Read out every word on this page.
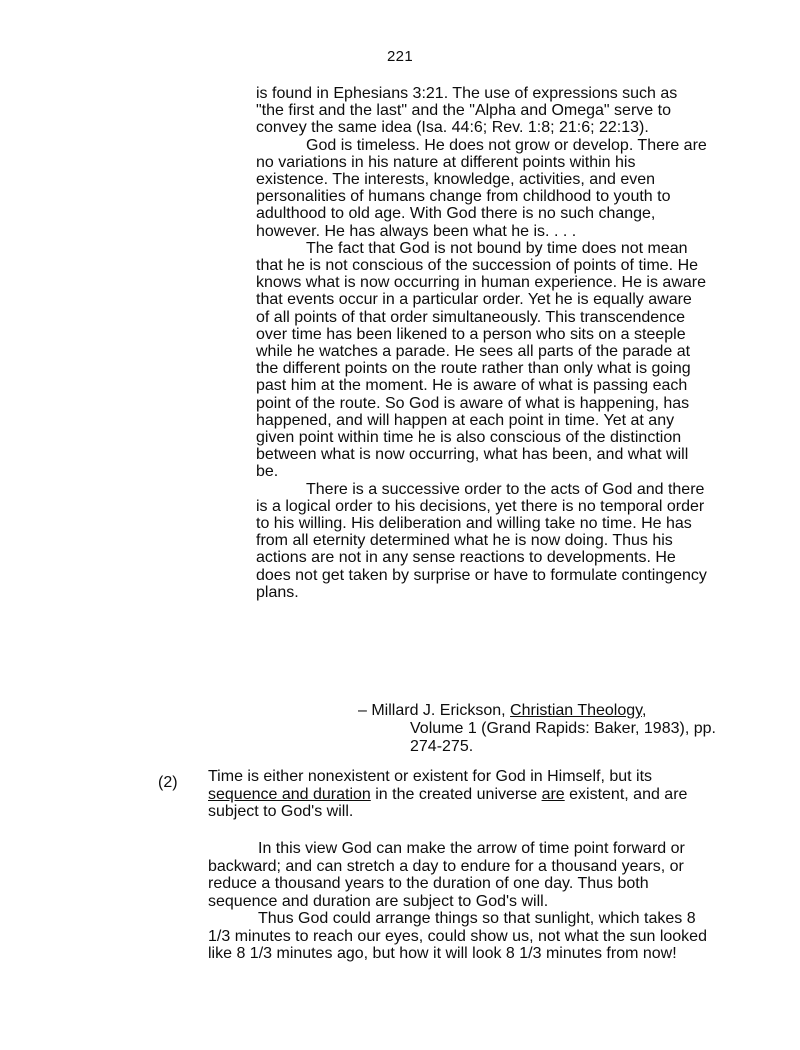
221

is found in Ephesians 3:21. The use of expressions such as "the first and the last" and the "Alpha and Omega" serve to convey the same idea (Isa. 44:6; Rev. 1:8; 21:6; 22:13).

God is timeless. He does not grow or develop. There are no variations in his nature at different points within his existence. The interests, knowledge, activities, and even personalities of humans change from childhood to youth to adulthood to old age. With God there is no such change, however. He has always been what he is. . . .

The fact that God is not bound by time does not mean that he is not conscious of the succession of points of time. He knows what is now occurring in human experience. He is aware that events occur in a particular order. Yet he is equally aware of all points of that order simultaneously. This transcendence over time has been likened to a person who sits on a steeple while he watches a parade. He sees all parts of the parade at the different points on the route rather than only what is going past him at the moment. He is aware of what is passing each point of the route. So God is aware of what is happening, has happened, and will happen at each point in time. Yet at any given point within time he is also conscious of the distinction between what is now occurring, what has been, and what will be.

There is a successive order to the acts of God and there is a logical order to his decisions, yet there is no temporal order to his willing. His deliberation and willing take no time. He has from all eternity determined what he is now doing. Thus his actions are not in any sense reactions to developments. He does not get taken by surprise or have to formulate contingency plans.

– Millard J. Erickson, Christian Theology,
Volume 1 (Grand Rapids: Baker, 1983), pp. 274-275.
(2) Time is either nonexistent or existent for God in Himself, but its sequence and duration in the created universe are existent, and are subject to God's will.

In this view God can make the arrow of time point forward or backward; and can stretch a day to endure for a thousand years, or reduce a thousand years to the duration of one day. Thus both sequence and duration are subject to God's will.

Thus God could arrange things so that sunlight, which takes 8 1/3 minutes to reach our eyes, could show us, not what the sun looked like 8 1/3 minutes ago, but how it will look 8 1/3 minutes from now!
